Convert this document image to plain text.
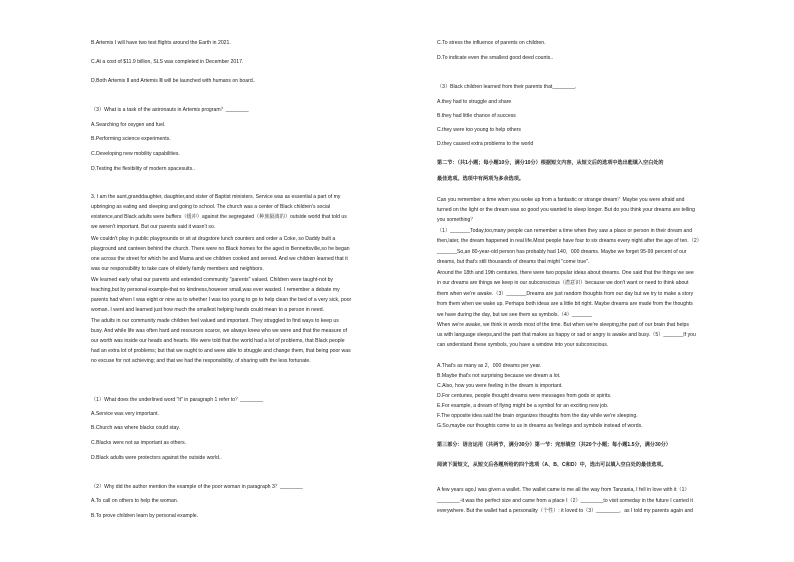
B.Artemis Ⅰ will have two test flights around the Earth in 2021.
C.At a cost of $11.9 billion, SLS was completed in December 2017.
D.Both Artemis Ⅱ and Artemis Ⅲ will be launched with humans on board..
（3）What is a task of the astronauts in Artemis program？________
A.Searching for oxygen and fuel.
B.Performing science experiments.
C.Developing new mobility capabilities.
D.Testing the flexibility of modern spacesuits..
3. I am the aunt,granddaughter, daughter,and sister of Baptist ministers. Service was as essential a part of my
upbringing as eating and sleeping and going to school. The church was a center of Black children's social
existence,and Black adults were buffers（缓冲）against the segregated（种族隔离的）outside world that told us
we weren't important. But our parents said it wasn't so.
We couldn't play in public playgrounds or sit at drugstore lunch counters and order a Coke, so Daddy built a
playground and canteen behind the church. There were no Black homes for the aged in Bennettsville,so he began
one across the street for which he and Mama and we children cooked and served. And we children learned that it
was our responsibility to take care of elderly family members and neighbors.
We learned early what our parents and extended community "parents" valued. Children were taught-not by
teaching,but by personal example-that no kindness,however small,was ever wasted. I remember a debate my
parents had when I was eight or nine as to whether I was too young to go to help clean the bed of a very sick, poor
woman. I went and learned just how much the smallest helping hands could mean to a person in need.
The adults in our community made children feel valued and important. They struggled to find ways to keep us
busy. And while life was often hard and resources scarce, we always knew who we were and that the measure of
our worth was inside our heads and hearts. We were told that the world had a lot of problems, that Black people
had an extra lot of problems; but that we ought to and were able to struggle and change them, that being poor was
no excuse for not achieving; and that we had the responsibility, of sharing with the less fortunate.
（1）What does the underlined word "it" in paragraph 1 refer to？________
A.Service was very important.
B.Church was where blacks could stay.
C.Blacks were not as important as others.
D.Black adults were protectors against the outside world..
（2）Why did the author mention the example of the poor woman in paragraph 3？________
A.To call on others to help the woman.
B.To prove children learn by personal example.
C.To stress the influence of parents on children.
D.To indicate even the smallest good deed counts..
（3）Black children learned from their parents that________.
A.they had to struggle and share
B.they had little chance of success
C.they were too young to help others
D.they caused extra problems to the world
第二节：（共1小题；每小题10分，满分10分）根据短文内容，从短文后的选项中选出能填入空白处的
最佳选项。选项中有两项为多余选项。
Can you remember a time when you woke up from a fantastic or strange dream？Maybe you were afraid and
turned on the light or the dream was so good you wanted to sleep longer. But do you think your dreams are telling
you something？
（1）_______Today,too,many people can remember a time when they saw a place or person in their dream and
then,later, the dream happened in real life.Most people have four to six dreams every night after the age of ten.（2）
_______So,an 80-year-old person has probably had 140，000 dreams. Maybe we forget 95-99 percent of our
dreams, but that's still thousands of dreams that might "come true".
Around the 18th and 19th centuries, there were two popular ideas about dreams. One said that the things we see
in our dreams are things we keep in our subconscious（潜意识）because we don't want or need to think about
them when we're awake.（3）_______Dreams are just random thoughts from our day but we try to make a story
from them when we wake up. Perhaps both ideas are a little bit right. Maybe dreams are made from the thoughts
we have during the day, but we see them as symbols.（4）_______
When we're awake, we think in words most of the time. But when we're sleeping,the part of our brain that helps
us with language sleeps,and the part that makes us happy or sad or angry is awake and busy.（5）_______If you
can understand these symbols, you have a window into your subconscious.
A.That's as many as 2，000 dreams per year.
B.Maybe that's not surprising because we dream a lot.
C.Also, how you were feeling in the dream is important.
D.For centuries, people thought dreams were messages from gods or spirits.
E.For example, a dream of flying might be a symbol for an exciting new job.
F.The opposite idea said the brain organizes thoughts from the day while we're sleeping.
G.So,maybe our thoughts come to us in dreams as feelings and symbols instead of words.
第三部分：语言运用（共两节，满分30分）第一节：完形填空（共20个小题；每小题1.5分，满分30分）
阅读下面短文，从短文后各题所给的四个选项（A、B、C和D）中，选出可以填入空白处的最佳选项。
A few years ago,I was given a wallet. The wallet came to me all the way from Tanzania, I fell in love with it（1）
________-it was the perfect size and came from a place I（2）________to visit someday in the future I carried it
everywhere. But the wallet had a personality（个性）: it loved to（3）________，as I told my parents again and
